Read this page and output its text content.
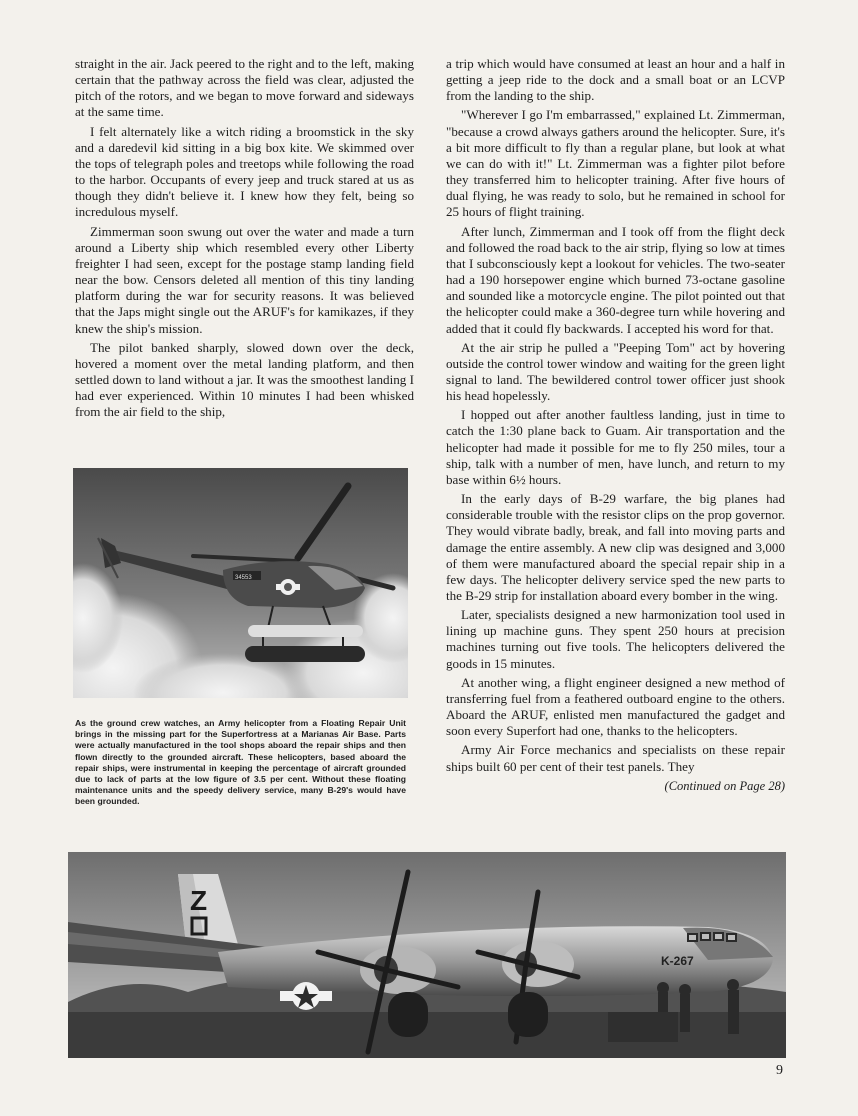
straight in the air. Jack peered to the right and to the left, making certain that the pathway across the field was clear, adjusted the pitch of the rotors, and we began to move forward and sideways at the same time.

I felt alternately like a witch riding a broomstick in the sky and a daredevil kid sitting in a big box kite. We skimmed over the tops of telegraph poles and treetops while following the road to the harbor. Occupants of every jeep and truck stared at us as though they didn't believe it. I knew how they felt, being so incredulous myself.

Zimmerman soon swung out over the water and made a turn around a Liberty ship which resembled every other Liberty freighter I had seen, except for the postage stamp landing field near the bow. Censors deleted all mention of this tiny landing platform during the war for security reasons. It was believed that the Japs might single out the ARUF's for kamikazes, if they knew the ship's mission.

The pilot banked sharply, slowed down over the deck, hovered a moment over the metal landing platform, and then settled down to land without a jar. It was the smoothest landing I had ever experienced. Within 10 minutes I had been whisked from the air field to the ship,

a trip which would have consumed at least an hour and a half in getting a jeep ride to the dock and a small boat or an LCVP from the landing to the ship.

"Wherever I go I'm embarrassed," explained Lt. Zimmerman, "because a crowd always gathers around the helicopter. Sure, it's a bit more difficult to fly than a regular plane, but look at what we can do with it!" Lt. Zimmerman was a fighter pilot before they transferred him to helicopter training. After five hours of dual flying, he was ready to solo, but he remained in school for 25 hours of flight training.

After lunch, Zimmerman and I took off from the flight deck and followed the road back to the air strip, flying so low at times that I subconsciously kept a lookout for vehicles. The two-seater had a 190 horsepower engine which burned 73-octane gasoline and sounded like a motorcycle engine. The pilot pointed out that the helicopter could make a 360-degree turn while hovering and added that it could fly backwards. I accepted his word for that.

At the air strip he pulled a "Peeping Tom" act by hovering outside the control tower window and waiting for the green light signal to land. The bewildered control tower officer just shook his head hopelessly.

I hopped out after another faultless landing, just in time to catch the 1:30 plane back to Guam. Air transportation and the helicopter had made it possible for me to fly 250 miles, tour a ship, talk with a number of men, have lunch, and return to my base within 6½ hours.

In the early days of B-29 warfare, the big planes had considerable trouble with the resistor clips on the prop governor. They would vibrate badly, break, and fall into moving parts and damage the entire assembly. A new clip was designed and 3,000 of them were manufactured aboard the special repair ship in a few days. The helicopter delivery service sped the new parts to the B-29 strip for installation aboard every bomber in the wing.

Later, specialists designed a new harmonization tool used in lining up machine guns. They spent 250 hours at precision machines turning out five tools. The helicopters delivered the goods in 15 minutes.

At another wing, a flight engineer designed a new method of transferring fuel from a feathered outboard engine to the others. Aboard the ARUF, enlisted men manufactured the gadget and soon every Superfort had one, thanks to the helicopters.

Army Air Force mechanics and specialists on these repair ships built 60 per cent of their test panels. They

(Continued on Page 28)

34553

As the ground crew watches, an Army helicopter from a Floating Repair Unit brings in the missing part for the Superfortress at a Marianas Air Base. Parts were actually manufactured in the tool shops aboard the repair ships and then flown directly to the grounded aircraft. These helicopters, based aboard the repair ships, were instrumental in keeping the percentage of aircraft grounded due to lack of parts at the low figure of 3.5 per cent. Without these floating maintenance units and the speedy delivery service, many B-29's would have been grounded.

Z
K-267

9
